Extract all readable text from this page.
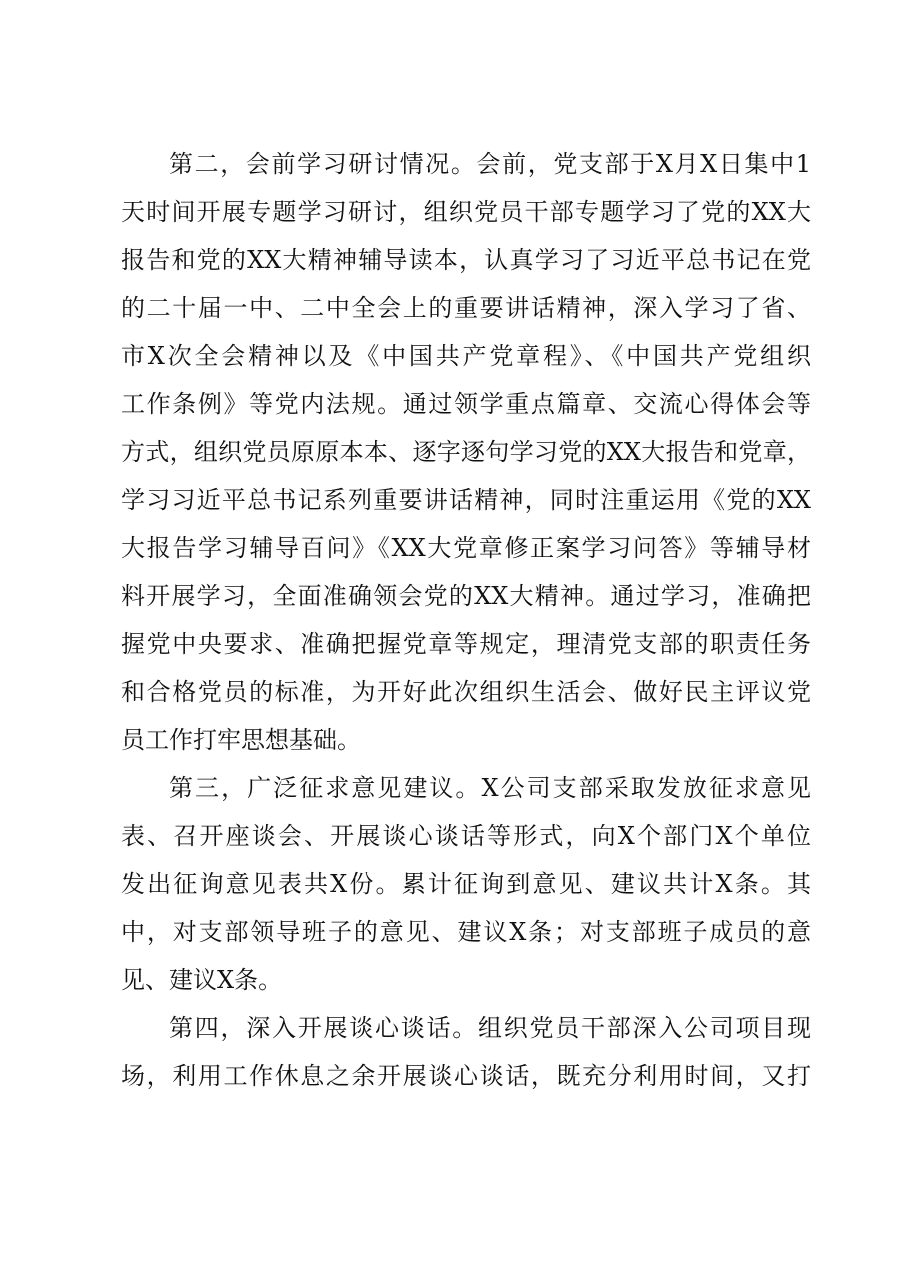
第二，会前学习研讨情况。会前，党支部于X月X日集中1
天时间开展专题学习研讨，组织党员干部专题学习了党的XX大
报告和党的XX大精神辅导读本，认真学习了习近平总书记在党
的二十届一中、二中全会上的重要讲话精神，深入学习了省、
市X次全会精神以及《中国共产党章程》、《中国共产党组织
工作条例》等党内法规。通过领学重点篇章、交流心得体会等
方式，组织党员原原本本、逐字逐句学习党的XX大报告和党章，
学习习近平总书记系列重要讲话精神，同时注重运用《党的XX
大报告学习辅导百问》《XX大党章修正案学习问答》等辅导材
料开展学习，全面准确领会党的XX大精神。通过学习，准确把
握党中央要求、准确把握党章等规定，理清党支部的职责任务
和合格党员的标准，为开好此次组织生活会、做好民主评议党
员工作打牢思想基础。
第三，广泛征求意见建议。X公司支部采取发放征求意见
表、召开座谈会、开展谈心谈话等形式，向X个部门X个单位
发出征询意见表共X份。累计征询到意见、建议共计X条。其
中，对支部领导班子的意见、建议X条；对支部班子成员的意
见、建议X条。
第四，深入开展谈心谈话。组织党员干部深入公司项目现
场，利用工作休息之余开展谈心谈话，既充分利用时间，又打
